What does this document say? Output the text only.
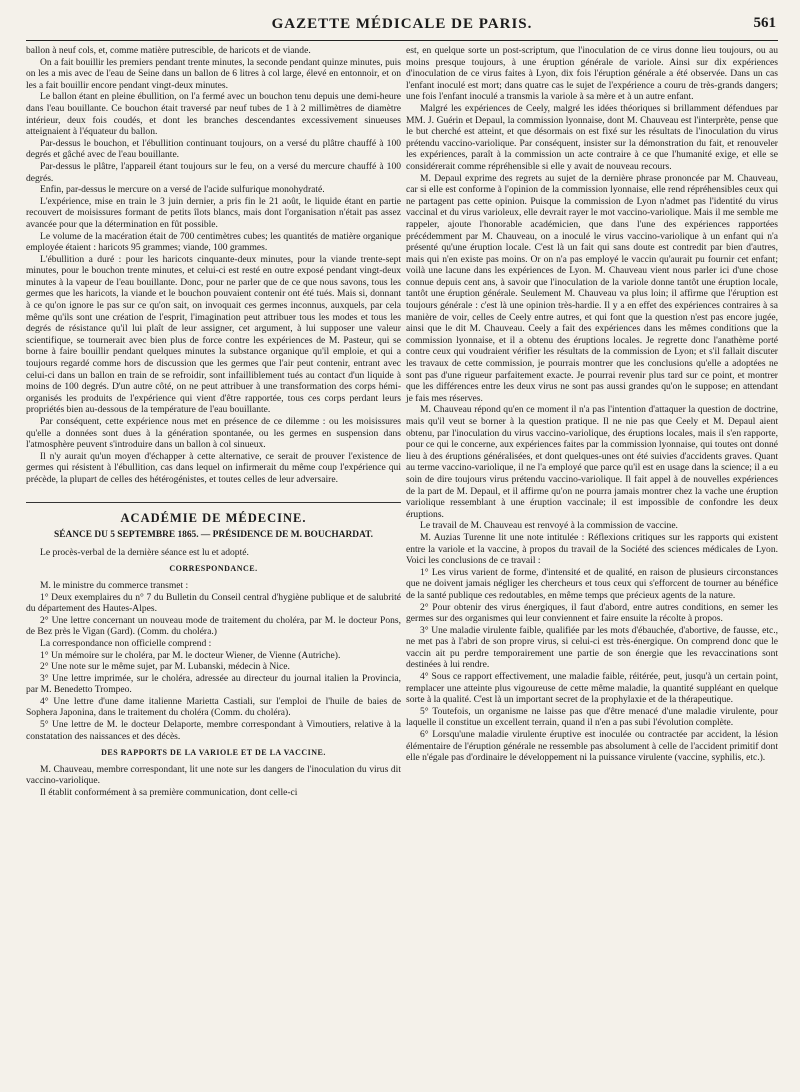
GAZETTE MÉDICALE DE PARIS.	561

ballon à neuf cols, et, comme matière putrescible, de haricots et de viande.

On a fait bouillir les premiers pendant trente minutes, la seconde pendant quinze minutes, puis on les a mis avec de l'eau de Seine dans un ballon de 6 litres à col large, élevé en entonnoir, et on les a fait bouillir encore pendant vingt-deux minutes.

Le ballon étant en pleine ébullition, on l'a fermé avec un bouchon tenu depuis une demi-heure dans l'eau bouillante. Ce bouchon était traversé par neuf tubes de 1 à 2 millimètres de diamètre intérieur, deux fois coudés, et dont les branches descendantes excessivement sinueuses atteignaient à l'équateur du ballon.

Par-dessus le bouchon, et l'ébullition continuant toujours, on a versé du plâtre chauffé à 100 degrés et gâché avec de l'eau bouillante.

Par-dessus le plâtre, l'appareil étant toujours sur le feu, on a versé du mercure chauffé à 100 degrés.

Enfin, par-dessus le mercure on a versé de l'acide sulfurique monohydraté.

L'expérience, mise en train le 3 juin dernier, a pris fin le 21 août, le liquide étant en partie recouvert de moisissures formant de petits îlots blancs, mais dont l'organisation n'était pas assez avancée pour que la détermination en fût possible.

Le volume de la macération était de 700 centimètres cubes; les quantités de matière organique employée étaient : haricots 95 grammes; viande, 100 grammes.

L'ébullition a duré : pour les haricots cinquante-deux minutes, pour la viande trente-sept minutes, pour le bouchon trente minutes, et celui-ci est resté en outre exposé pendant vingt-deux minutes à la vapeur de l'eau bouillante. Donc, pour ne parler que de ce que nous savons, tous les germes que les haricots, la viande et le bouchon pouvaient contenir ont été tués. Mais si, donnant à ce qu'on ignore le pas sur ce qu'on sait, on invoquait ces germes inconnus, auxquels, par cela même qu'ils sont une création de l'esprit, l'imagination peut attribuer tous les modes et tous les degrés de résistance qu'il lui plaît de leur assigner, cet argument, à lui supposer une valeur scientifique, se tournerait avec bien plus de force contre les expériences de M. Pasteur, qui se borne à faire bouillir pendant quelques minutes la substance organique qu'il emploie, et qui a toujours regardé comme hors de discussion que les germes que l'air peut contenir, entrant avec celui-ci dans un ballon en train de se refroidir, sont infailliblement tués au contact d'un liquide à moins de 100 degrés. D'un autre côté, on ne peut attribuer à une transformation des corps hémi-organisés les produits de l'expérience qui vient d'être rapportée, tous ces corps perdant leurs propriétés bien au-dessous de la température de l'eau bouillante.

Par conséquent, cette expérience nous met en présence de ce dilemme : ou les moisissures qu'elle a données sont dues à la génération spontanée, ou les germes en suspension dans l'atmosphère peuvent s'introduire dans un ballon à col sinueux.

Il n'y aurait qu'un moyen d'échapper à cette alternative, ce serait de prouver l'existence de germes qui résistent à l'ébullition, cas dans lequel on infirmerait du même coup l'expérience qui précède, la plupart de celles des hétérogénistes, et toutes celles de leur adversaire.

ACADÉMIE DE MÉDECINE.
SÉANCE DU 5 SEPTEMBRE 1865. — PRÉSIDENCE DE M. BOUCHARDAT.

Le procès-verbal de la dernière séance est lu et adopté.

CORRESPONDANCE.

M. le ministre du commerce transmet :

1° Deux exemplaires du n° 7 du Bulletin du Conseil central d'hygiène publique et de salubrité du département des Hautes-Alpes.

2° Une lettre concernant un nouveau mode de traitement du choléra, par M. le docteur Pons, de Bez près le Vigan (Gard). (Comm. du choléra.)

La correspondance non officielle comprend :

1° Un mémoire sur le choléra, par M. le docteur Wiener, de Vienne (Autriche).

2° Une note sur le même sujet, par M. Lubanski, médecin à Nice.

3° Une lettre imprimée, sur le choléra, adressée au directeur du journal italien la Provincia, par M. Benedetto Trompeo.

4° Une lettre d'une dame italienne Marietta Castiali, sur l'emploi de l'huile de baies de Sophera Japonina, dans le traitement du choléra (Comm. du choléra).

5° Une lettre de M. le docteur Delaporte, membre correspondant à Vimoutiers, relative à la constatation des naissances et des décès.

DES RAPPORTS DE LA VARIOLE ET DE LA VACCINE.

M. Chauveau, membre correspondant, lit une note sur les dangers de l'inoculation du virus dit vaccino-variolique.

Il établit conformément à sa première communication, dont celle-ci

est, en quelque sorte un post-scriptum, que l'inoculation de ce virus donne lieu toujours, ou au moins presque toujours, à une éruption générale de variole. Ainsi sur dix expériences d'inoculation de ce virus faites à Lyon, dix fois l'éruption générale a été observée. Dans un cas l'enfant inoculé est mort; dans quatre cas le sujet de l'expérience a couru de très-grands dangers; une fois l'enfant inoculé a transmis la variole à sa mère et à un autre enfant.

Malgré les expériences de Ceely, malgré les idées théoriques si brillamment défendues par MM. J. Guérin et Depaul, la commission lyonnaise, dont M. Chauveau est l'interprète, pense que le but cherché est atteint, et que désormais on est fixé sur les résultats de l'inoculation du virus prétendu vaccino-variolique. Par conséquent, insister sur la démonstration du fait, et renouveler les expériences, paraît à la commission un acte contraire à ce que l'humanité exige, et elle se considérerait comme répréhensible si elle y avait de nouveau recours.

M. Depaul exprime des regrets au sujet de la dernière phrase prononcée par M. Chauveau, car si elle est conforme à l'opinion de la commission lyonnaise, elle rend répréhensibles ceux qui ne partagent pas cette opinion. Puisque la commission de Lyon n'admet pas l'identité du virus vaccinal et du virus varioleux, elle devrait rayer le mot vaccino-variolique. Mais il me semble me rappeler, ajoute l'honorable académicien, que dans l'une des expériences rapportées précédemment par M. Chauveau, on a inoculé le virus vaccino-variolique à un enfant qui n'a présenté qu'une éruption locale. C'est là un fait qui sans doute est contredit par bien d'autres, mais qui n'en existe pas moins. Or on n'a pas employé le vaccin qu'aurait pu fournir cet enfant; voilà une lacune dans les expériences de Lyon. M. Chauveau vient nous parler ici d'une chose connue depuis cent ans, à savoir que l'inoculation de la variole donne tantôt une éruption locale, tantôt une éruption générale. Seulement M. Chauveau va plus loin; il affirme que l'éruption est toujours générale : c'est là une opinion très-hardie. Il y a en effet des expériences contraires à sa manière de voir, celles de Ceely entre autres, et qui font que la question n'est pas encore jugée, ainsi que le dit M. Chauveau. Ceely a fait des expériences dans les mêmes conditions que la commission lyonnaise, et il a obtenu des éruptions locales. Je regrette donc l'anathème porté contre ceux qui voudraient vérifier les résultats de la commission de Lyon; et s'il fallait discuter les travaux de cette commission, je pourrais montrer que les conclusions qu'elle a adoptées ne sont pas d'une rigueur parfaitement exacte. Je pourrai revenir plus tard sur ce point, et montrer que les différences entre les deux virus ne sont pas aussi grandes qu'on le suppose; en attendant je fais mes réserves.

M. Chauveau répond qu'en ce moment il n'a pas l'intention d'attaquer la question de doctrine, mais qu'il veut se borner à la question pratique. Il ne nie pas que Ceely et M. Depaul aient obtenu, par l'inoculation du virus vaccino-variolique, des éruptions locales, mais il s'en rapporte, pour ce qui le concerne, aux expériences faites par la commission lyonnaise, qui toutes ont donné lieu à des éruptions généralisées, et dont quelques-unes ont été suivies d'accidents graves. Quant au terme vaccino-variolique, il ne l'a employé que parce qu'il est en usage dans la science; il a eu soin de dire toujours virus prétendu vaccino-variolique. Il fait appel à de nouvelles expériences de la part de M. Depaul, et il affirme qu'on ne pourra jamais montrer chez la vache une éruption variolique ressemblant à une éruption vaccinale; il est impossible de confondre les deux éruptions.

Le travail de M. Chauveau est renvoyé à la commission de vaccine.

M. Auzias Turenne lit une note intitulée : Réflexions critiques sur les rapports qui existent entre la variole et la vaccine, à propos du travail de la Société des sciences médicales de Lyon. Voici les conclusions de ce travail :

1° Les virus varient de forme, d'intensité et de qualité, en raison de plusieurs circonstances que ne doivent jamais négliger les chercheurs et tous ceux qui s'efforcent de tourner au bénéfice de la santé publique ces redoutables, en même temps que précieux agents de la nature.

2° Pour obtenir des virus énergiques, il faut d'abord, entre autres conditions, en semer les germes sur des organismes qui leur conviennent et faire ensuite la récolte à propos.

3° Une maladie virulente faible, qualifiée par les mots d'ébauchée, d'abortive, de fausse, etc., ne met pas à l'abri de son propre virus, si celui-ci est très-énergique. On comprend donc que le vaccin ait pu perdre temporairement une partie de son énergie que les revaccinations sont destinées à lui rendre.

4° Sous ce rapport effectivement, une maladie faible, réitérée, peut, jusqu'à un certain point, remplacer une atteinte plus vigoureuse de cette même maladie, la quantité suppléant en quelque sorte à la qualité. C'est là un important secret de la prophylaxie et de la thérapeutique.

5° Toutefois, un organisme ne laisse pas que d'être menacé d'une maladie virulente, pour laquelle il constitue un excellent terrain, quand il n'en a pas subi l'évolution complète.

6° Lorsqu'une maladie virulente éruptive est inoculée ou contractée par accident, la lésion élémentaire de l'éruption générale ne ressemble pas absolument à celle de l'accident primitif dont elle n'égale pas d'ordinaire le développement ni la puissance virulente (vaccine, syphilis, etc.).
